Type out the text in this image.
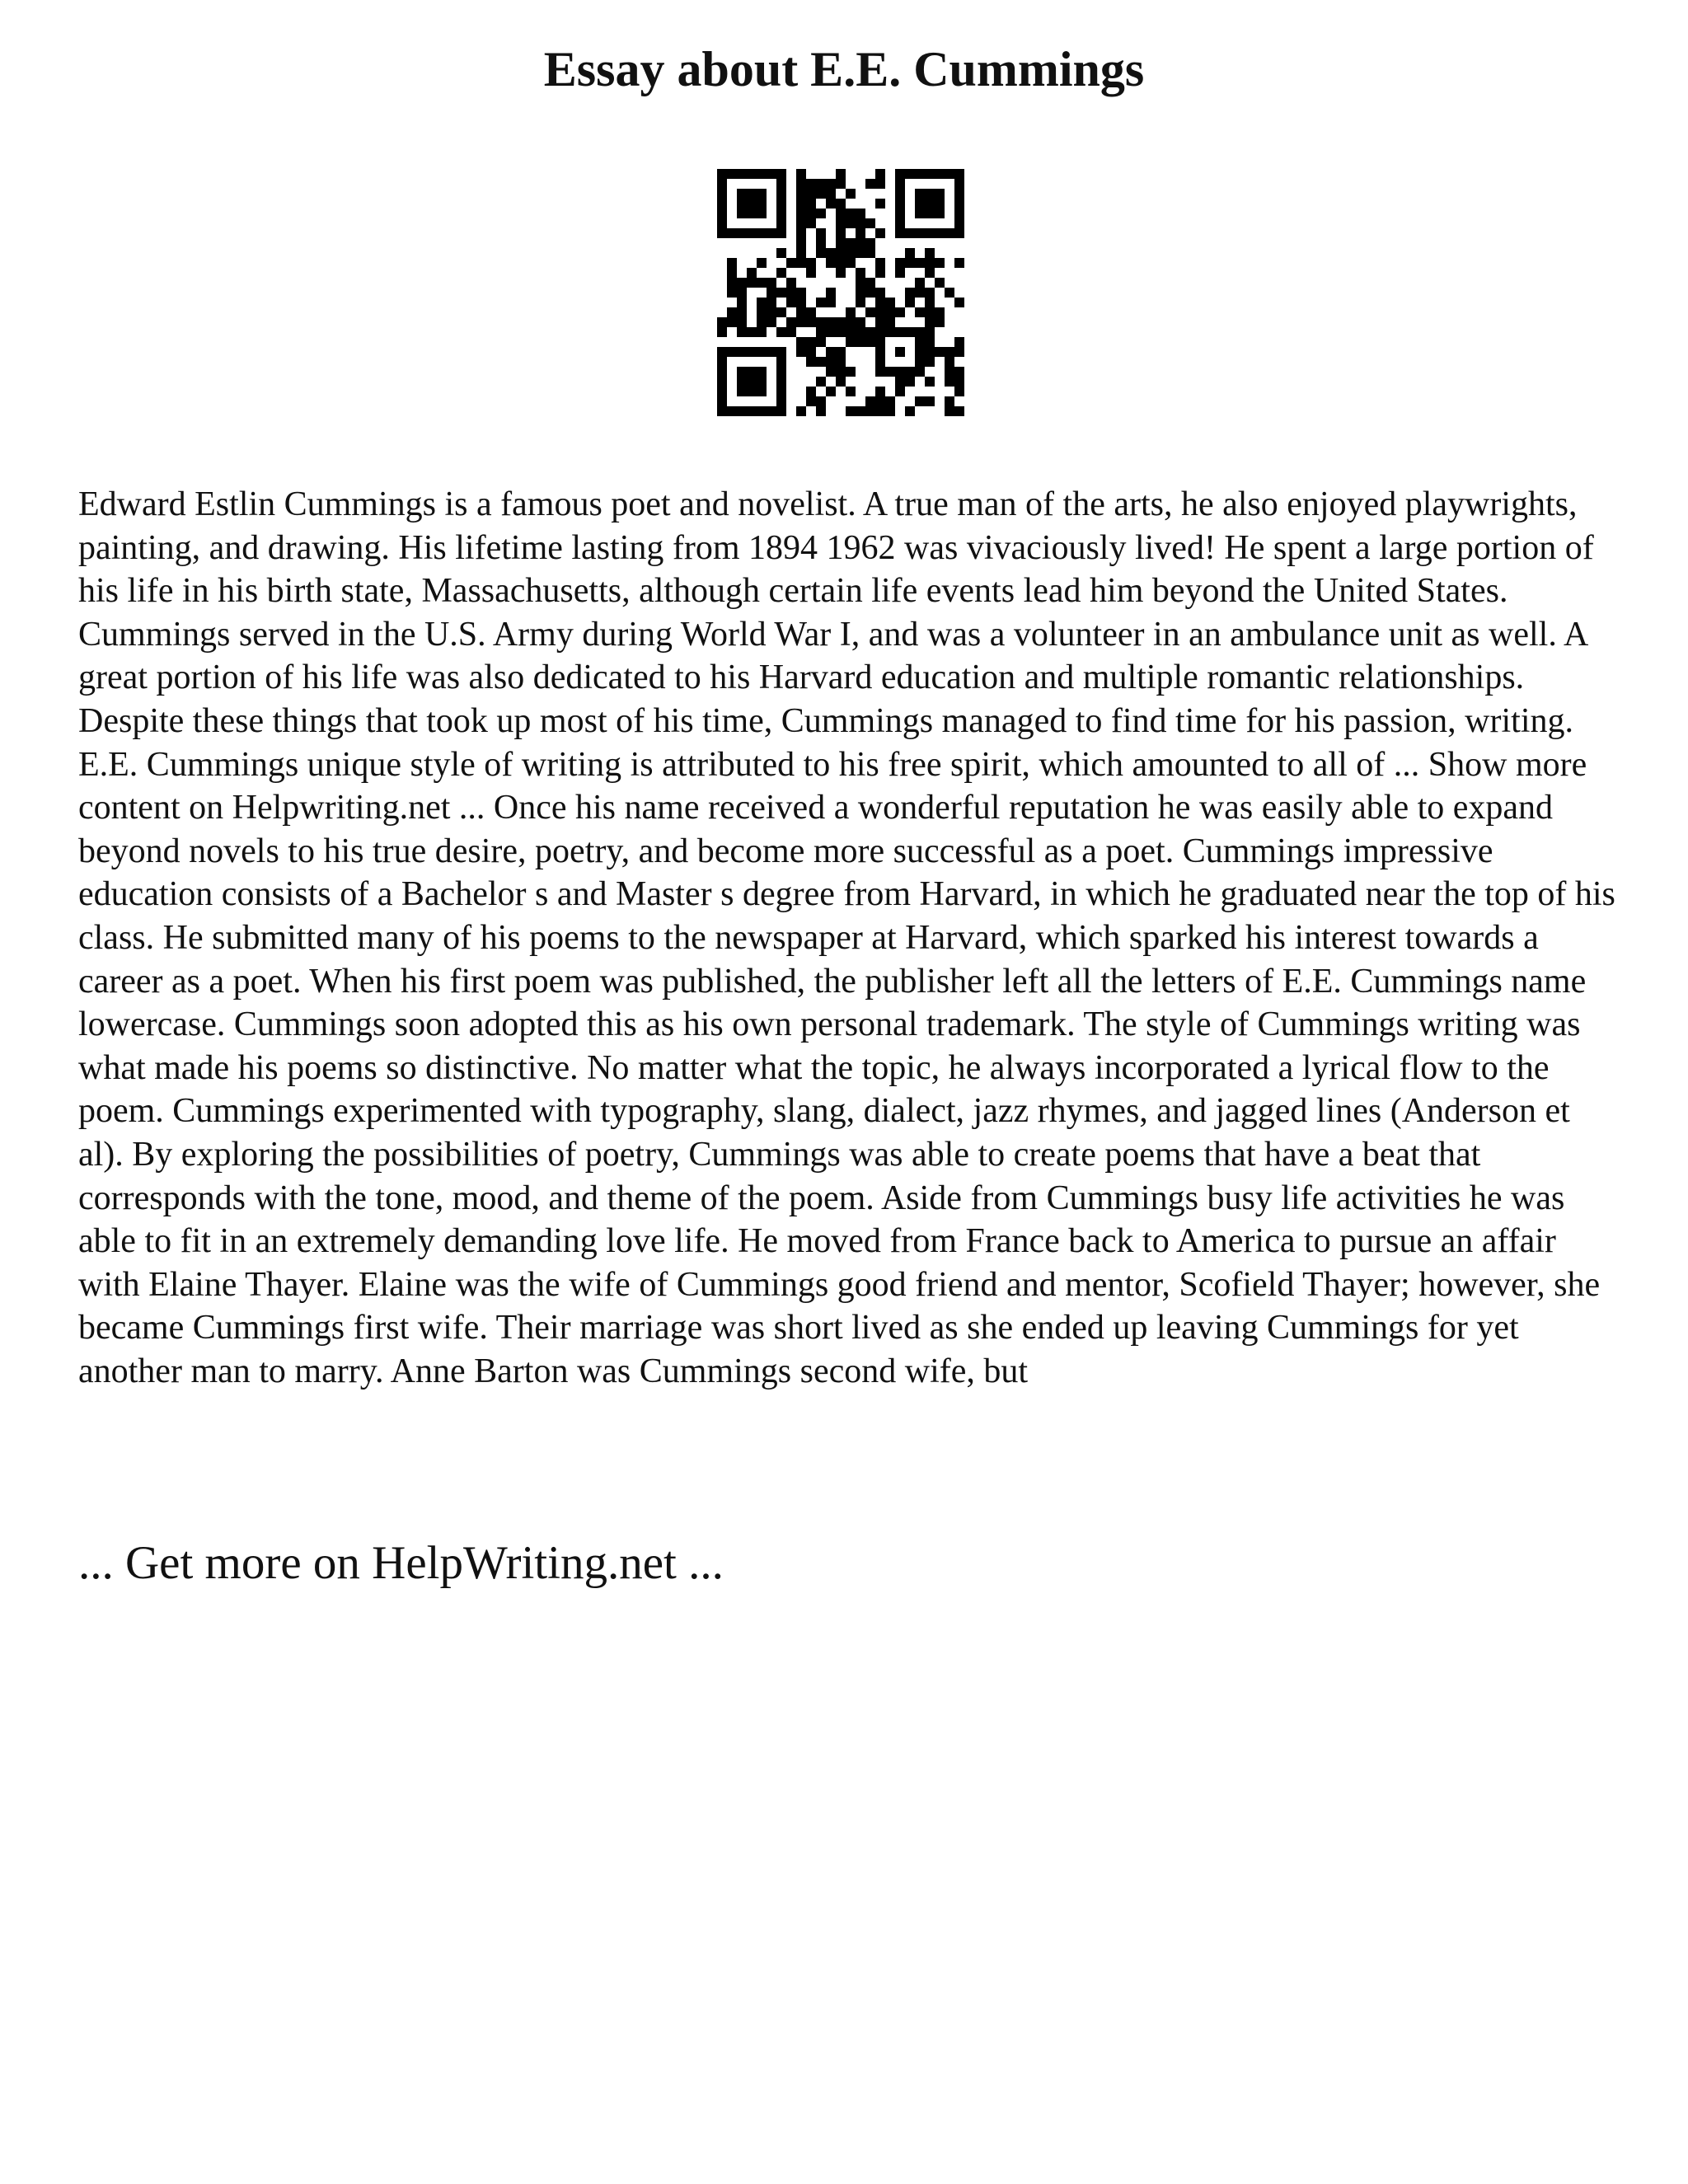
Essay about E.E. Cummings

Edward Estlin Cummings is a famous poet and novelist. A true man of the arts, he also enjoyed playwrights, painting, and drawing. His lifetime lasting from 1894 1962 was vivaciously lived! He spent a large portion of his life in his birth state, Massachusetts, although certain life events lead him beyond the United States. Cummings served in the U.S. Army during World War I, and was a volunteer in an ambulance unit as well. A great portion of his life was also dedicated to his Harvard education and multiple romantic relationships. Despite these things that took up most of his time, Cummings managed to find time for his passion, writing. E.E. Cummings unique style of writing is attributed to his free spirit, which amounted to all of ... Show more content on Helpwriting.net ... Once his name received a wonderful reputation he was easily able to expand beyond novels to his true desire, poetry, and become more successful as a poet. Cummings impressive education consists of a Bachelor s and Master s degree from Harvard, in which he graduated near the top of his class. He submitted many of his poems to the newspaper at Harvard, which sparked his interest towards a career as a poet. When his first poem was published, the publisher left all the letters of E.E. Cummings name lowercase. Cummings soon adopted this as his own personal trademark. The style of Cummings writing was what made his poems so distinctive. No matter what the topic, he always incorporated a lyrical flow to the poem. Cummings experimented with typography, slang, dialect, jazz rhymes, and jagged lines (Anderson et al). By exploring the possibilities of poetry, Cummings was able to create poems that have a beat that corresponds with the tone, mood, and theme of the poem. Aside from Cummings busy life activities he was able to fit in an extremely demanding love life. He moved from France back to America to pursue an affair with Elaine Thayer. Elaine was the wife of Cummings good friend and mentor, Scofield Thayer; however, she became Cummings first wife. Their marriage was short lived as she ended up leaving Cummings for yet another man to marry. Anne Barton was Cummings second wife, but

... Get more on HelpWriting.net ...
